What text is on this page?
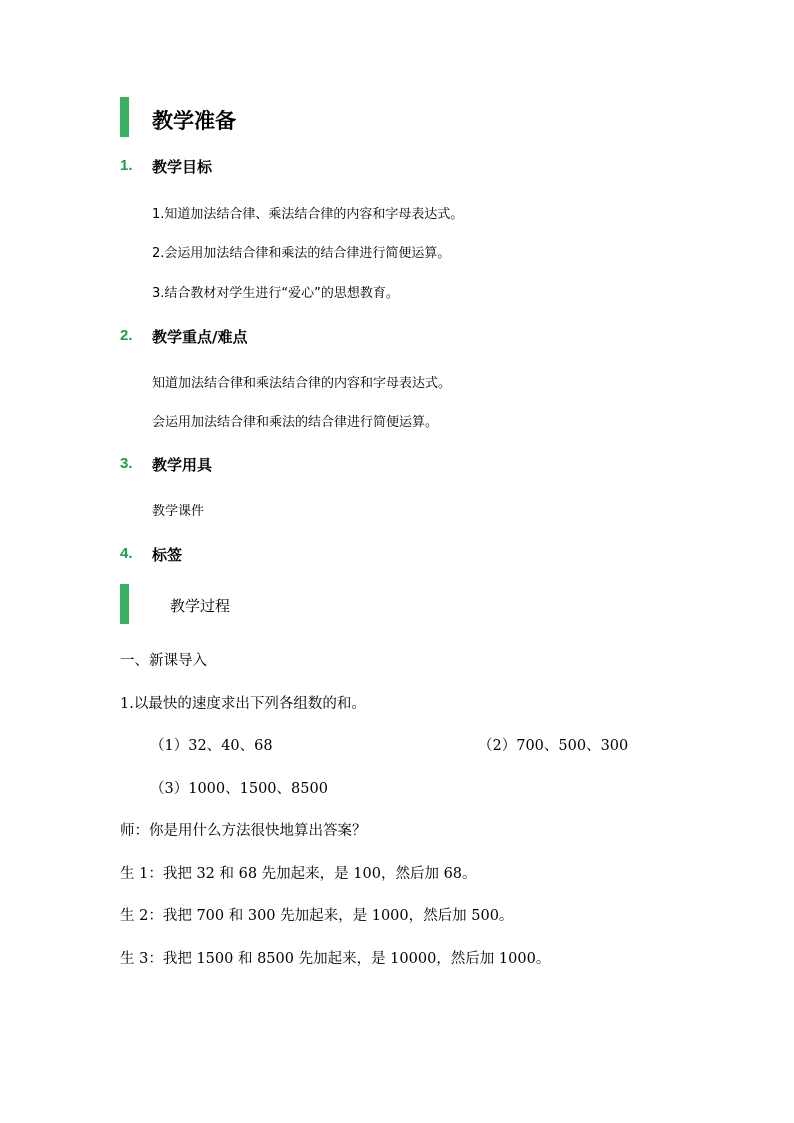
教学准备
1. 教学目标
1.知道加法结合律、乘法结合律的内容和字母表达式。
2.会运用加法结合律和乘法的结合律进行简便运算。
3.结合教材对学生进行“爱心”的思想教育。
2. 教学重点/难点
知道加法结合律和乘法结合律的内容和字母表达式。
会运用加法结合律和乘法的结合律进行简便运算。
3. 教学用具
教学课件
4. 标签
教学过程
一、新课导入
1.以最快的速度求出下列各组数的和。
（1）32、40、68	（2）700、500、300
（3）1000、1500、8500
师：你是用什么方法很快地算出答案？
生 1：我把 32 和 68 先加起来，是 100，然后加 68。
生 2：我把 700 和 300 先加起来，是 1000，然后加 500。
生 3：我把 1500 和 8500 先加起来，是 10000，然后加 1000。
